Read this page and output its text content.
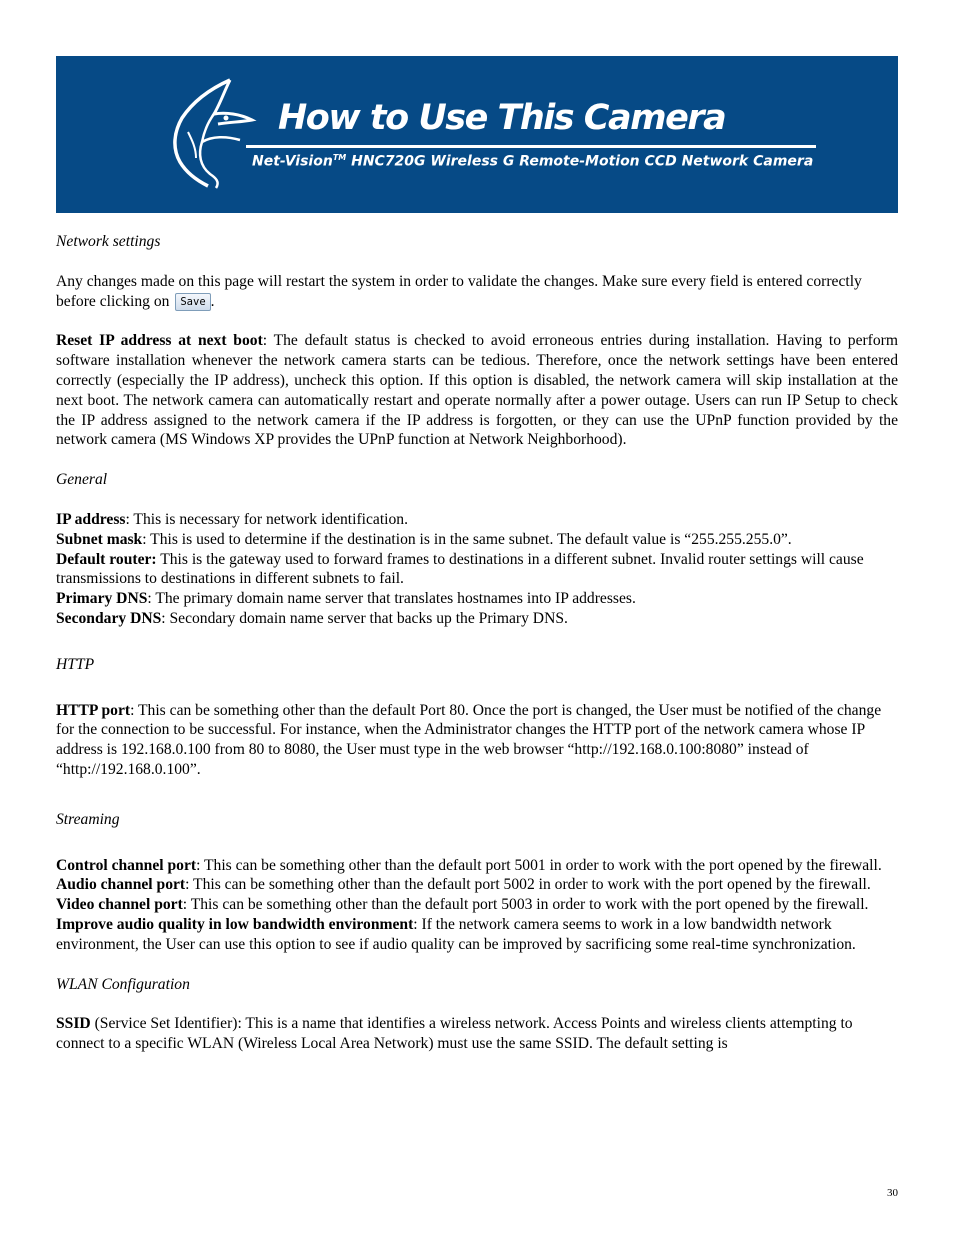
How to Use This Camera
Net-Vision™ HNC720G Wireless G Remote-Motion CCD Network Camera

Network settings

Any changes made on this page will restart the system in order to validate the changes. Make sure every field is entered correctly before clicking on Save .

Reset IP address at next boot: The default status is checked to avoid erroneous entries during installation. Having to perform software installation whenever the network camera starts can be tedious. Therefore, once the network settings have been entered correctly (especially the IP address), uncheck this option. If this option is disabled, the network camera will skip installation at the next boot. The network camera can automatically restart and operate normally after a power outage. Users can run IP Setup to check the IP address assigned to the network camera if the IP address is forgotten, or they can use the UPnP function provided by the network camera (MS Windows XP provides the UPnP function at Network Neighborhood).

General

IP address: This is necessary for network identification.

Subnet mask: This is used to determine if the destination is in the same subnet. The default value is “255.255.255.0”.

Default router: This is the gateway used to forward frames to destinations in a different subnet. Invalid router settings will cause transmissions to destinations in different subnets to fail.

Primary DNS: The primary domain name server that translates hostnames into IP addresses.

Secondary DNS: Secondary domain name server that backs up the Primary DNS.

HTTP

HTTP port: This can be something other than the default Port 80. Once the port is changed, the User must be notified of the change for the connection to be successful. For instance, when the Administrator changes the HTTP port of the network camera whose IP address is 192.168.0.100 from 80 to 8080, the User must type in the web browser “http://192.168.0.100:8080” instead of “http://192.168.0.100”.

Streaming

Control channel port: This can be something other than the default port 5001 in order to work with the port opened by the firewall.

Audio channel port: This can be something other than the default port 5002 in order to work with the port opened by the firewall.

Video channel port: This can be something other than the default port 5003 in order to work with the port opened by the firewall.

Improve audio quality in low bandwidth environment: If the network camera seems to work in a low bandwidth network environment, the User can use this option to see if audio quality can be improved by sacrificing some real-time synchronization.

WLAN Configuration

SSID (Service Set Identifier): This is a name that identifies a wireless network. Access Points and wireless clients attempting to connect to a specific WLAN (Wireless Local Area Network) must use the same SSID. The default setting is

30
